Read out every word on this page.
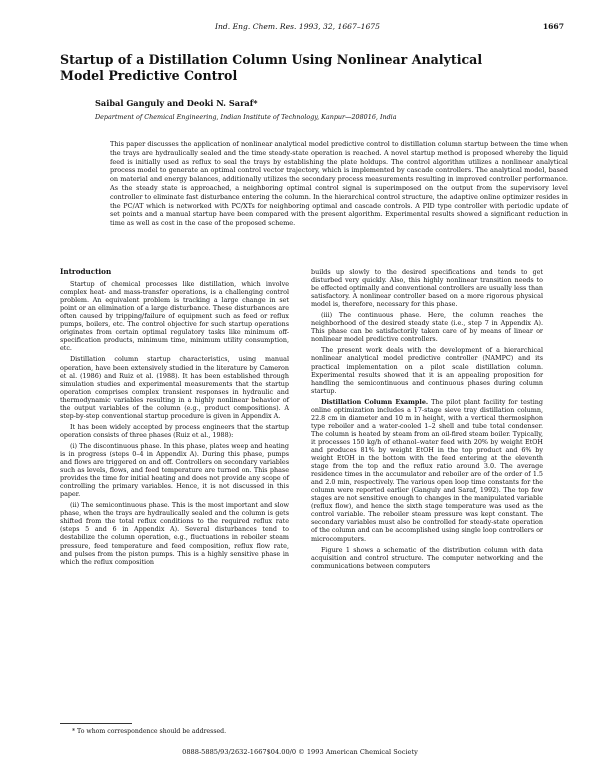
Ind. Eng. Chem. Res. 1993, 32, 1667–1675	1667
Startup of a Distillation Column Using Nonlinear Analytical Model Predictive Control
Saibal Ganguly and Deoki N. Saraf*
Department of Chemical Engineering, Indian Institute of Technology, Kanpur—208016, India
This paper discusses the application of nonlinear analytical model predictive control to distillation column startup between the time when the trays are hydraulically sealed and the time steady-state operation is reached. A novel startup method is proposed whereby the liquid feed is initially used as reflux to seal the trays by establishing the plate holdups. The control algorithm utilizes a nonlinear analytical process model to generate an optimal control vector trajectory, which is implemented by cascade controllers. The analytical model, based on material and energy balances, additionally utilizes the secondary process measurements resulting in improved controller performance. As the steady state is approached, a neighboring optimal control signal is superimposed on the output from the supervisory level controller to eliminate fast disturbance entering the column. In the hierarchical control structure, the adaptive online optimizer resides in the PC/AT which is networked with PC/XTs for neighboring optimal and cascade controls. A PID type controller with periodic update of set points and a manual startup have been compared with the present algorithm. Experimental results showed a significant reduction in time as well as cost in the case of the proposed scheme.
Introduction

Startup of chemical processes like distillation, which involve complex heat- and mass-transfer operations, is a challenging control problem. An equivalent problem is tracking a large change in set point or an elimination of a large disturbance. These disturbances are often caused by tripping/failure of equipment such as feed or reflux pumps, boilers, etc. The control objective for such startup operations originates from certain optimal regulatory tasks like minimum off-specification products, minimum time, minimum utility consumption, etc.

Distillation column startup characteristics, using manual operation, have been extensively studied in the literature by Cameron et al. (1986) and Ruiz et al. (1988). It has been established through simulation studies and experimental measurements that the startup operation comprises complex transient responses in hydraulic and thermodynamic variables resulting in a highly nonlinear behavior of the output variables of the column (e.g., product compositions). A step-by-step conventional startup procedure is given in Appendix A.

It has been widely accepted by process engineers that the startup operation consists of three phases (Ruiz et al., 1988):

(i) The discontinuous phase. In this phase, plates weep and heating is in progress (steps 0–4 in Appendix A). During this phase, pumps and flows are triggered on and off. Controllers on secondary variables such as levels, flows, and feed temperature are turned on. This phase provides the time for initial heating and does not provide any scope of controlling the primary variables. Hence, it is not discussed in this paper.

(ii) The semicontinuous phase. This is the most important and slow phase, when the trays are hydraulically sealed and the column is gets shifted from the total reflux conditions to the required reflux rate (steps 5 and 6 in Appendix A). Several disturbances tend to destabilize the column operation, e.g., fluctuations in reboiler steam pressure, feed temperature and feed composition, reflux flow rate, and pulses from the piston pumps. This is a highly sensitive phase in which the reflux composition

builds up slowly to the desired specifications and tends to get disturbed very quickly. Also, this highly nonlinear transition needs to be effected optimally and conventional controllers are usually less than satisfactory. A nonlinear controller based on a more rigorous physical model is, therefore, necessary for this phase.

(iii) The continuous phase. Here, the column reaches the neighborhood of the desired steady state (i.e., step 7 in Appendix A). This phase can be satisfactorily taken care of by means of linear or nonlinear model predictive controllers.

The present work deals with the development of a hierarchical nonlinear analytical model predictive controller (NAMPC) and its practical implementation on a pilot scale distillation column. Experimental results showed that it is an appealing proposition for handling the semicontinuous and continuous phases during column startup.

Distillation Column Example. The pilot plant facility for testing online optimization includes a 17-stage sieve tray distillation column, 22.8 cm in diameter and 10 m in height, with a vertical thermosiphon type reboiler and a water-cooled 1–2 shell and tube total condenser. The column is heated by steam from an oil-fired steam boiler. Typically, it processes 150 kg/h of ethanol–water feed with 20% by weight EtOH and produces 81% by weight EtOH in the top product and 6% by weight EtOH in the bottom with the feed entering at the eleventh stage from the top and the reflux ratio around 3.0. The average residence times in the accumulator and reboiler are of the order of 1.5 and 2.0 min, respectively. The various open loop time constants for the column were reported earlier (Ganguly and Saraf, 1992). The top few stages are not sensitive enough to changes in the manipulated variable (reflux flow), and hence the sixth stage temperature was used as the control variable. The reboiler steam pressure was kept constant. The secondary variables must also be controlled for steady-state operation of the column and can be accomplished using single loop controllers or microcomputers.

Figure 1 shows a schematic of the distribution column with data acquisition and control structure. The computer networking and the communications between computers

* To whom correspondence should be addressed.
0888-5885/93/2632-1667$04.00/0 © 1993 American Chemical Society
